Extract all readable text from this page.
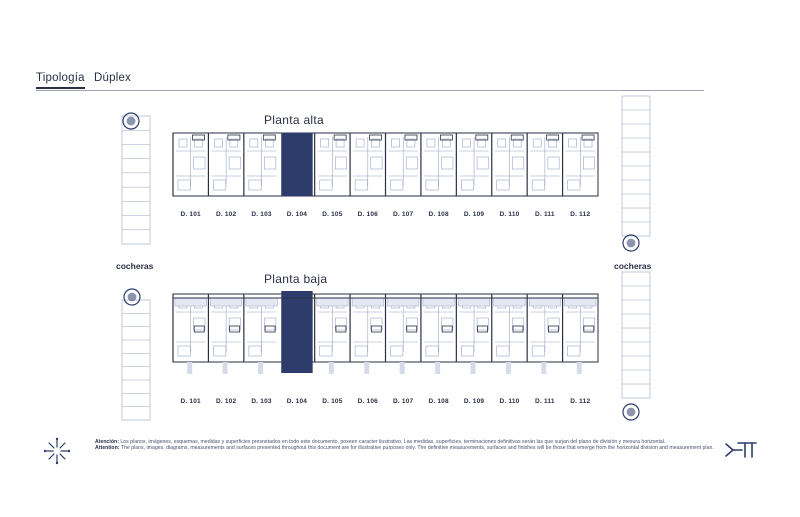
Tipología Dúplex
Planta alta
D. 101	D. 102	D. 103	D. 104	D. 105	D. 106	D. 107	D. 108	D. 109	D. 110	D. 111	D. 112
Planta baja
D. 101	D. 102	D. 103	D. 104	D. 105	D. 106	D. 107	D. 108	D. 109	D. 110	D. 111	D. 112
cocheras	cocheras
Atención: Los planos, imágenes, esquemas, medidas y superficies presnetados en todo este documento, poseen caracter ilustrativo. Las medidas, superficies, terminaciones definitivas serán las que surjan del plano de división y mesura horizontal.
Attention: The plans, images, diagrams, measurements and surfaces presented throughout this document are for illustrative purposes only. The definitive measurements, surfaces and finishes will be those that emerge from the horizontal division and measurement plan.
